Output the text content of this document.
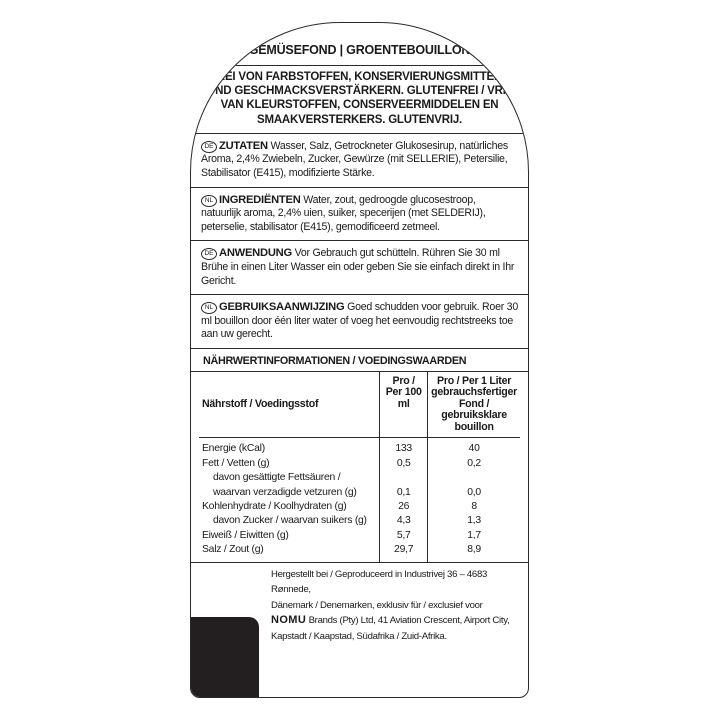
GEMÜSEFOND | GROENTEBOUILLON
FREI VON FARBSTOFFEN, KONSERVIERUNGSMITTELN UND GESCHMACKSVERSTÄRKERN. GLUTENFREI / VRIJ VAN KLEURSTOFFEN, CONSERVEERMIDDELEN EN SMAAKVERSTERKERS. GLUTENVRIJ.
DE ZUTATEN Wasser, Salz, Getrockneter Glukosesirup, natürliches Aroma, 2,4% Zwiebeln, Zucker, Gewürze (mit SELLERIE), Petersilie, Stabilisator (E415), modifizierte Stärke.
NL INGREDIËNTEN Water, zout, gedroogde glucosestroop, natuurlijk aroma, 2,4% uien, suiker, specerijen (met SELDERIJ), peterselie, stabilisator (E415), gemodificeerd zetmeel.
DE ANWENDUNG Vor Gebrauch gut schütteln. Rühren Sie 30 ml Brühe in einen Liter Wasser ein oder geben Sie sie einfach direkt in Ihr Gericht.
NL GEBRUIKSAANWIJZING Goed schudden voor gebruik. Roer 30 ml bouillon door één liter water of voeg het eenvoudig rechtstreeks toe aan uw gerecht.
NÄHRWERTINFORMATIONEN / VOEDINGSWAARDEN
Nährstoff / Voedingsstof	Pro / Per 100 ml	Pro / Per 1 Liter gebrauchsfertiger Fond / gebruiksklare bouillon

Energie (kCal)	133	40
Fett / Vetten (g)	0,5	0,2
davon gesättigte Fettsäuren /		
waarvan verzadigde vetzuren (g)	0,1	0,0
Kohlenhydrate / Koolhydraten (g)	26	8
davon Zucker / waarvan suikers (g)	4,3	1,3
Eiweiß / Eiwitten (g)	5,7	1,7
Salz / Zout (g)	29,7	8,9

Hergestellt bei / Geproduceerd in Industrivej 36 – 4683 Rønnede,
Dänemark / Denemarken, exklusiv für / exclusief voor
NOMU Brands (Pty) Ltd, 41 Aviation Crescent, Airport City,
Kapstadt / Kaapstad, Südafrika / Zuid-Afrika.
